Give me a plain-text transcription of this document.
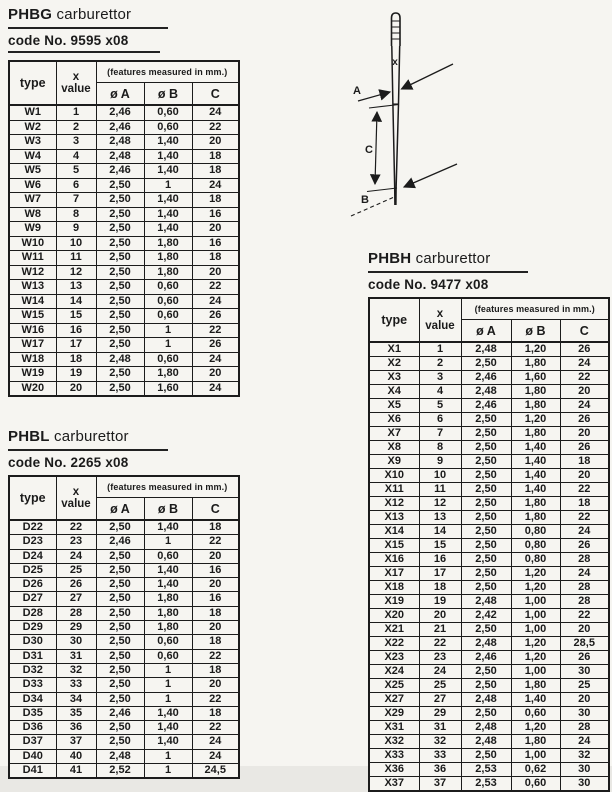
PHBG carburettor
code No. 9595 x08
type	x
value	(features measured in mm.)		
		ø A	ø B	C
W1	1	2,46	0,60	24
W2	2	2,46	0,60	22
W3	3	2,48	1,40	20
W4	4	2,48	1,40	18
W5	5	2,46	1,40	18
W6	6	2,50	1	24
W7	7	2,50	1,40	18
W8	8	2,50	1,40	16
W9	9	2,50	1,40	20
W10	10	2,50	1,80	16
W11	11	2,50	1,80	18
W12	12	2,50	1,80	20
W13	13	2,50	0,60	22
W14	14	2,50	0,60	24
W15	15	2,50	0,60	26
W16	16	2,50	1	22
W17	17	2,50	1	26
W18	18	2,48	0,60	24
W19	19	2,50	1,80	20
W20	20	2,50	1,60	24
PHBL carburettor
code No. 2265 x08
type	x
value	(features measured in mm.)		
		ø A	ø B	C
D22	22	2,50	1,40	18
D23	23	2,46	1	22
D24	24	2,50	0,60	20
D25	25	2,50	1,40	16
D26	26	2,50	1,40	20
D27	27	2,50	1,80	16
D28	28	2,50	1,80	18
D29	29	2,50	1,80	20
D30	30	2,50	0,60	18
D31	31	2,50	0,60	22
D32	32	2,50	1	18
D33	33	2,50	1	20
D34	34	2,50	1	22
D35	35	2,46	1,40	18
D36	36	2,50	1,40	22
D37	37	2,50	1,40	24
D40	40	2,48	1	24
D41	41	2,52	1	24,5
PHBH carburettor
code No. 9477 x08
type	x
value	(features measured in mm.)		
		ø A	ø B	C
X1	1	2,48	1,20	26
X2	2	2,50	1,80	24
X3	3	2,46	1,60	22
X4	4	2,48	1,80	20
X5	5	2,46	1,80	24
X6	6	2,50	1,20	26
X7	7	2,50	1,80	20
X8	8	2,50	1,40	26
X9	9	2,50	1,40	18
X10	10	2,50	1,40	20
X11	11	2,50	1,40	22
X12	12	2,50	1,80	18
X13	13	2,50	1,80	22
X14	14	2,50	0,80	24
X15	15	2,50	0,80	26
X16	16	2,50	0,80	28
X17	17	2,50	1,20	24
X18	18	2,50	1,20	28
X19	19	2,48	1,00	28
X20	20	2,42	1,00	22
X21	21	2,50	1,00	20
X22	22	2,48	1,20	28,5
X23	23	2,46	1,20	26
X24	24	2,50	1,00	30
X25	25	2,50	1,80	25
X27	27	2,48	1,40	20
X29	29	2,50	0,60	30
X31	31	2,48	1,20	28
X32	32	2,48	1,80	24
X33	33	2,50	1,00	32
X36	36	2,53	0,62	30
X37	37	2,53	0,60	30
x
A
C
B
